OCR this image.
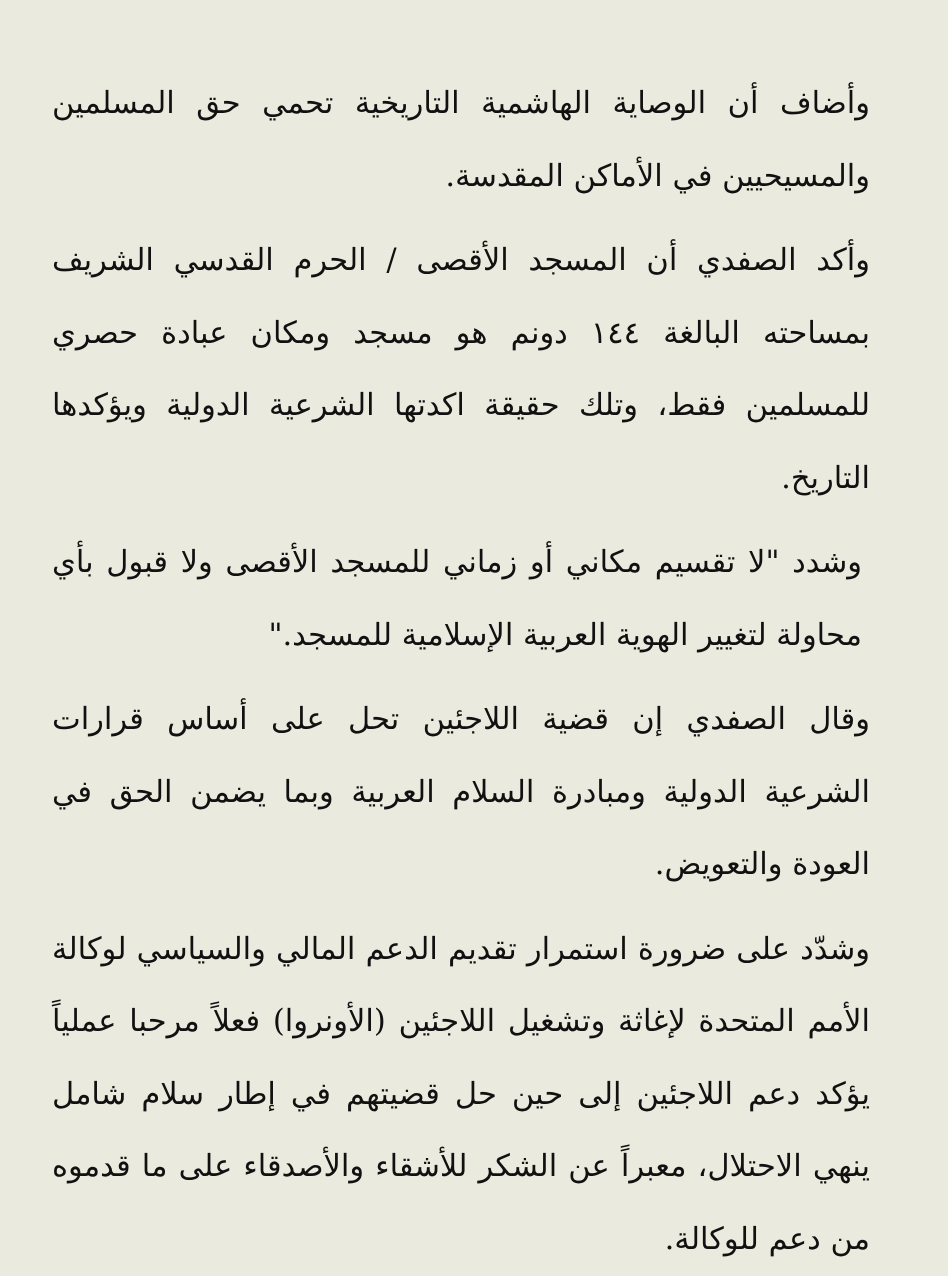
وأضاف أن الوصاية الهاشمية التاريخية تحمي حق المسلمين والمسيحيين في الأماكن المقدسة.

وأكد الصفدي أن المسجد الأقصى / الحرم القدسي الشريف بمساحته البالغة ١٤٤ دونم هو مسجد ومكان عبادة حصري للمسلمين فقط، وتلك حقيقة اكدتها الشرعية الدولية ويؤكدها التاريخ.

وشدد "لا تقسيم مكاني أو زماني للمسجد الأقصى ولا قبول بأي محاولة لتغيير الهوية العربية الإسلامية للمسجد."

وقال الصفدي إن قضية اللاجئين تحل على أساس قرارات الشرعية الدولية ومبادرة السلام العربية وبما يضمن الحق في العودة والتعويض.

وشدّد على ضرورة استمرار تقديم الدعم المالي والسياسي لوكالة الأمم المتحدة لإغاثة وتشغيل اللاجئين (الأونروا) فعلاً مرحبا عملياً يؤكد دعم اللاجئين إلى حين حل قضيتهم في إطار سلام شامل ينهي الاحتلال، معبراً عن الشكر للأشقاء والأصدقاء على ما قدموه من دعم للوكالة.
